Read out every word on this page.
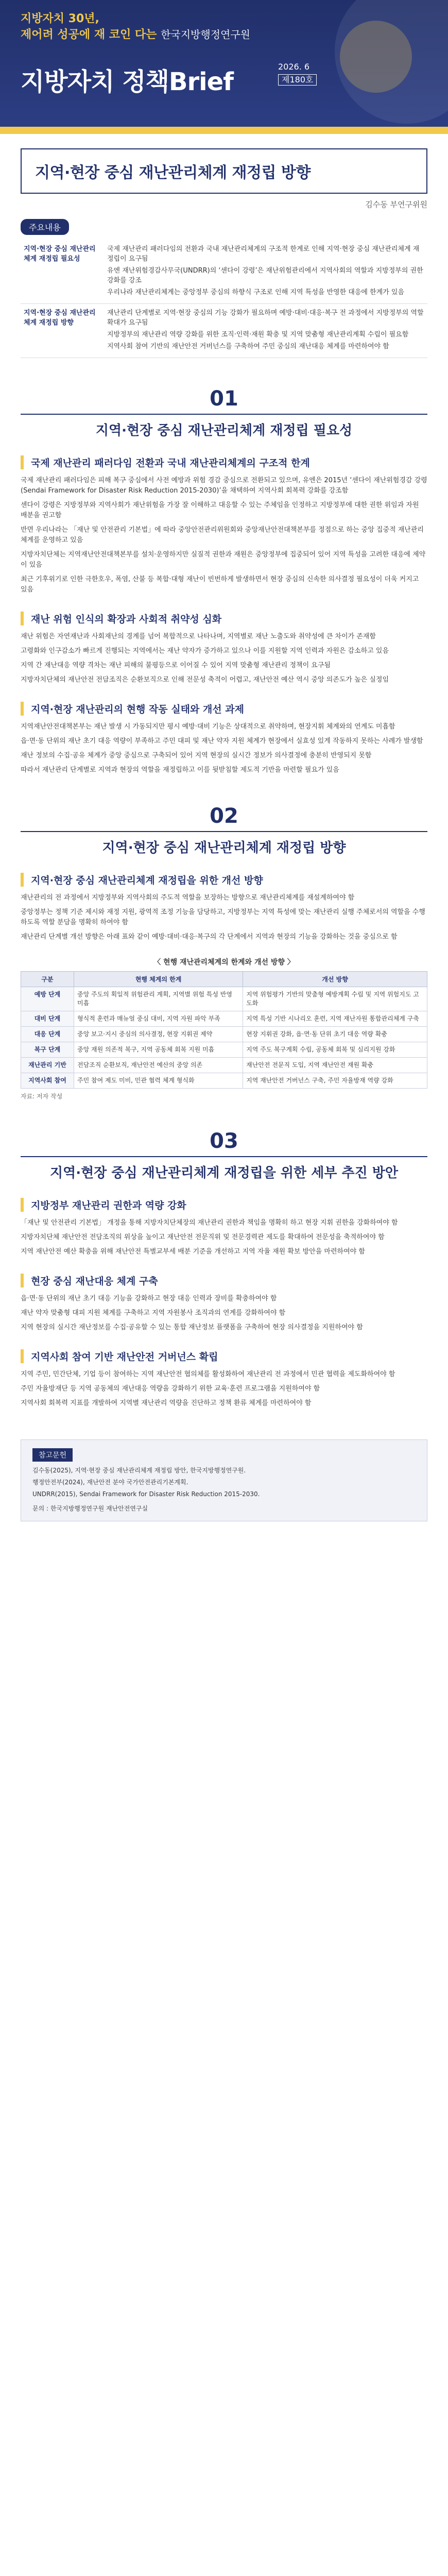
지방자치 30년,
제어려 성공에 재 코인 다는 한국지방행정연구원
지방자치 정책Brief
2026. 6
제180호
지역·현장 중심 재난관리체계 재정립 방향
김수동 부연구위원
주요내용
지역·현장 중심 재난관리체계 재정립 필요성	국제 재난관리 패러다임의 전환과 국내 재난관리체계의 구조적 한계로 인해 지역·현장 중심 재난관리체계 재정립이 요구됨

유엔 재난위험경감사무국(UNDRR)의 ‘센다이 강령’은 재난위험관리에서 지역사회의 역할과 지방정부의 권한 강화를 강조

우리나라 재난관리체계는 중앙정부 중심의 하향식 구조로 인해 지역 특성을 반영한 대응에 한계가 있음

지역·현장 중심 재난관리체계 재정립 방향	재난관리 단계별로 지역·현장 중심의 기능 강화가 필요하며 예방·대비·대응·복구 전 과정에서 지방정부의 역할 확대가 요구됨

지방정부의 재난관리 역량 강화를 위한 조직·인력·재원 확충 및 지역 맞춤형 재난관리계획 수립이 필요함

지역사회 참여 기반의 재난안전 거버넌스를 구축하여 주민 중심의 재난대응 체계를 마련하여야 함

01
지역·현장 중심 재난관리체계 재정립 필요성
국제 재난관리 패러다임 전환과 국내 재난관리체계의 구조적 한계

국제 재난관리 패러다임은 피해 복구 중심에서 사전 예방과 위험 경감 중심으로 전환되고 있으며, 유엔은 2015년 ‘센다이 재난위험경감 강령(Sendai Framework for Disaster Risk Reduction 2015-2030)’을 채택하여 지역사회 회복력 강화를 강조함

센다이 강령은 지방정부와 지역사회가 재난위험을 가장 잘 이해하고 대응할 수 있는 주체임을 인정하고 지방정부에 대한 권한 위임과 자원 배분을 권고함

반면 우리나라는 「재난 및 안전관리 기본법」에 따라 중앙안전관리위원회와 중앙재난안전대책본부를 정점으로 하는 중앙 집중적 재난관리체계를 운영하고 있음

지방자치단체는 지역재난안전대책본부를 설치·운영하지만 실질적 권한과 재원은 중앙정부에 집중되어 있어 지역 특성을 고려한 대응에 제약이 있음

최근 기후위기로 인한 극한호우, 폭염, 산불 등 복합·대형 재난이 빈번하게 발생하면서 현장 중심의 신속한 의사결정 필요성이 더욱 커지고 있음

재난 위험 인식의 확장과 사회적 취약성 심화

재난 위험은 자연재난과 사회재난의 경계를 넘어 복합적으로 나타나며, 지역별로 재난 노출도와 취약성에 큰 차이가 존재함

고령화와 인구감소가 빠르게 진행되는 지역에서는 재난 약자가 증가하고 있으나 이를 지원할 지역 인력과 자원은 감소하고 있음

지역 간 재난대응 역량 격차는 재난 피해의 불평등으로 이어질 수 있어 지역 맞춤형 재난관리 정책이 요구됨

지방자치단체의 재난안전 전담조직은 순환보직으로 인해 전문성 축적이 어렵고, 재난안전 예산 역시 중앙 의존도가 높은 실정임

지역·현장 재난관리의 현행 작동 실태와 개선 과제

지역재난안전대책본부는 재난 발생 시 가동되지만 평시 예방·대비 기능은 상대적으로 취약하며, 현장지휘 체계와의 연계도 미흡함

읍·면·동 단위의 재난 초기 대응 역량이 부족하고 주민 대피 및 재난 약자 지원 체계가 현장에서 실효성 있게 작동하지 못하는 사례가 발생함

재난 정보의 수집·공유 체계가 중앙 중심으로 구축되어 있어 지역 현장의 실시간 정보가 의사결정에 충분히 반영되지 못함

따라서 재난관리 단계별로 지역과 현장의 역할을 재정립하고 이를 뒷받침할 제도적 기반을 마련할 필요가 있음

02
지역·현장 중심 재난관리체계 재정립 방향
지역·현장 중심 재난관리체계 재정립을 위한 개선 방향

재난관리의 전 과정에서 지방정부와 지역사회의 주도적 역할을 보장하는 방향으로 재난관리체계를 재설계하여야 함

중앙정부는 정책 기준 제시와 재정 지원, 광역적 조정 기능을 담당하고, 지방정부는 지역 특성에 맞는 재난관리 실행 주체로서의 역할을 수행하도록 역할 분담을 명확히 하여야 함

재난관리 단계별 개선 방향은 아래 표와 같이 예방·대비·대응·복구의 각 단계에서 지역과 현장의 기능을 강화하는 것을 중심으로 함

〈 현행 재난관리체계의 한계와 개선 방향 〉
구분	현행 체계의 한계	개선 방향
예방 단계	중앙 주도의 획일적 위험관리 계획, 지역별 위험 특성 반영 미흡	지역 위험평가 기반의 맞춤형 예방계획 수립 및 지역 위험지도 고도화
대비 단계	형식적 훈련과 매뉴얼 중심 대비, 지역 자원 파악 부족	지역 특성 기반 시나리오 훈련, 지역 재난자원 통합관리체계 구축
대응 단계	중앙 보고·지시 중심의 의사결정, 현장 지휘권 제약	현장 지휘권 강화, 읍·면·동 단위 초기 대응 역량 확충
복구 단계	중앙 재원 의존적 복구, 지역 공동체 회복 지원 미흡	지역 주도 복구계획 수립, 공동체 회복 및 심리지원 강화
재난관리 기반	전담조직 순환보직, 재난안전 예산의 중앙 의존	재난안전 전문직 도입, 지역 재난안전 재원 확충
지역사회 참여	주민 참여 제도 미비, 민관 협력 체계 형식화	지역 재난안전 거버넌스 구축, 주민 자율방재 역량 강화
자료: 저자 작성
03
지역·현장 중심 재난관리체계 재정립을 위한 세부 추진 방안
지방정부 재난관리 권한과 역량 강화

「재난 및 안전관리 기본법」 개정을 통해 지방자치단체장의 재난관리 권한과 책임을 명확히 하고 현장 지휘 권한을 강화하여야 함

지방자치단체 재난안전 전담조직의 위상을 높이고 재난안전 전문직위 및 전문경력관 제도를 확대하여 전문성을 축적하여야 함

지역 재난안전 예산 확충을 위해 재난안전 특별교부세 배분 기준을 개선하고 지역 자율 재원 확보 방안을 마련하여야 함

현장 중심 재난대응 체계 구축

읍·면·동 단위의 재난 초기 대응 기능을 강화하고 현장 대응 인력과 장비를 확충하여야 함

재난 약자 맞춤형 대피 지원 체계를 구축하고 지역 자원봉사 조직과의 연계를 강화하여야 함

지역 현장의 실시간 재난정보를 수집·공유할 수 있는 통합 재난정보 플랫폼을 구축하여 현장 의사결정을 지원하여야 함

지역사회 참여 기반 재난안전 거버넌스 확립

지역 주민, 민간단체, 기업 등이 참여하는 지역 재난안전 협의체를 활성화하여 재난관리 전 과정에서 민관 협력을 제도화하여야 함

주민 자율방재단 등 지역 공동체의 재난대응 역량을 강화하기 위한 교육·훈련 프로그램을 지원하여야 함

지역사회 회복력 지표를 개발하여 지역별 재난관리 역량을 진단하고 정책 환류 체계를 마련하여야 함

참고문헌

김수동(2025), 지역·현장 중심 재난관리체계 재정립 방안, 한국지방행정연구원.

행정안전부(2024), 재난안전 분야 국가안전관리기본계획.

UNDRR(2015), Sendai Framework for Disaster Risk Reduction 2015-2030.

문의 : 한국지방행정연구원 재난안전연구실
